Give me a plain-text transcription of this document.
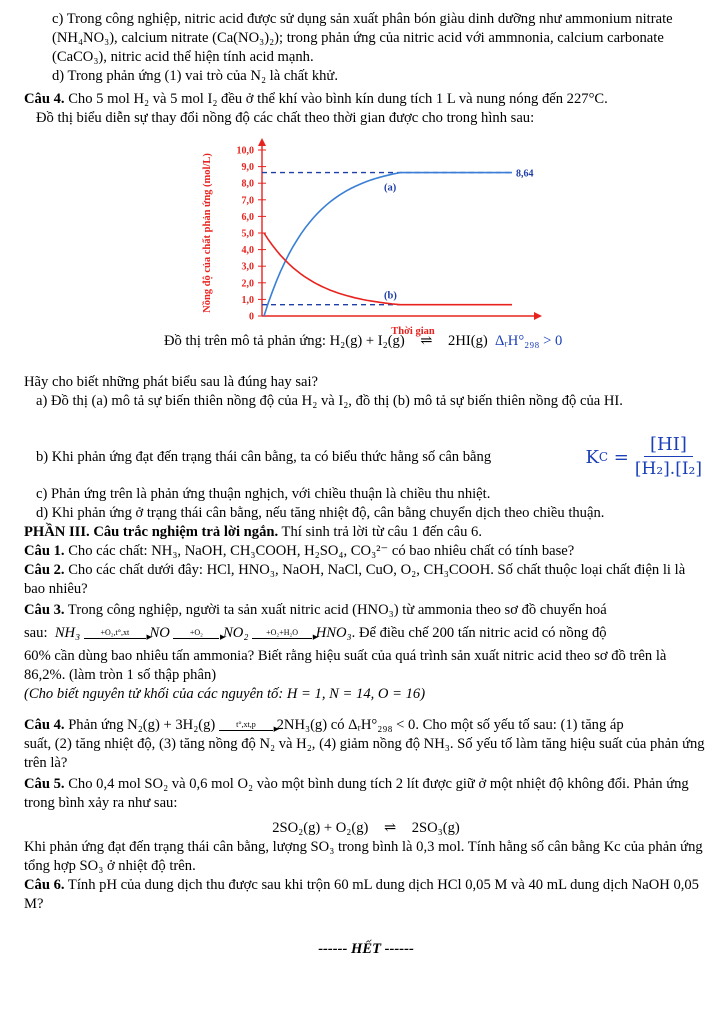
c) Trong công nghiệp, nitric acid được sử dụng sản xuất phân bón giàu dinh dưỡng như ammonium nitrate (NH₄NO₃), calcium nitrate (Ca(NO₃)₂); trong phản ứng của nitric acid với ammnonia, calcium carbonate (CaCO₃), nitric acid thể hiện tính acid mạnh.

d) Trong phản ứng (1) vai trò của N₂ là chất khử.

Câu 4. Cho 5 mol H₂ và 5 mol I₂ đều ở thể khí vào bình kín dung tích 1 L và nung nóng đến 227°C.

Đồ thị biểu diễn sự thay đổi nồng độ các chất theo thời gian được cho trong hình sau:

10,0
9,0
8,0
7,0
6,0
5,0
4,0
3,0
2,0
1,0
0
Nồng độ của chất phản ứng (mol/L)
Thời gian
8,64
(a)
(b)

Đồ thị trên mô tả phản ứng: H₂(g) + I₂(g) ⇌ 2HI(g) ΔᵣH°₂₉₈ > 0

Hãy cho biết những phát biểu sau là đúng hay sai?

a) Đồ thị (a) mô tả sự biến thiên nồng độ của H₂ và I₂, đồ thị (b) mô tả sự biến thiên nồng độ của HI.

b) Khi phản ứng đạt đến trạng thái cân bằng, ta có biểu thức hằng số cân bằng	K $C = \frac{[HI]}{\text{[H₂].[I₂]}}$

c) Phản ứng trên là phản ứng thuận nghịch, với chiều thuận là chiều thu nhiệt.

d) Khi phản ứng ở trạng thái cân bằng, nếu tăng nhiệt độ, cân bằng chuyển dịch theo chiều thuận.

PHẦN III. Câu trắc nghiệm trả lời ngắn. Thí sinh trả lời từ câu 1 đến câu 6.

Câu 1. Cho các chất: NH₃, NaOH, CH₃COOH, H₂SO₄, CO₃²⁻ có bao nhiêu chất có tính base?

Câu 2. Cho các chất dưới đây: HCl, HNO₃, NaOH, NaCl, CuO, O₂, CH₃COOH. Số chất thuộc loại chất điện li là bao nhiêu?

Câu 3. Trong công nghiệp, người ta sản xuất nitric acid (HNO₃) từ ammonia theo sơ đồ chuyển hoá

sau: NH₃	+O₂,t°,xt ▶ NO	+O₂ ▶ NO₂ +O₂+H₂O ▶ HNO₃. Để điều chế 200 tấn nitric acid có nồng độ

60% cần dùng bao nhiêu tấn ammonia? Biết rằng hiệu suất của quá trình sản xuất nitric acid theo sơ đồ trên là 86,2%. (làm tròn 1 số thập phân)

(Cho biết nguyên tử khối của các nguyên tố: H = 1, N = 14, O = 16)

Câu 4. Phản ứng N₂(g) + 3H₂(g)	t°,xt,p
▶
2NH₃(g) có ΔᵣH°₂₉₈ < 0. Cho một số yếu tố sau: (1) tăng áp

suất, (2) tăng nhiệt độ, (3) tăng nồng độ N₂ và H₂, (4) giảm nồng độ NH₃. Số yếu tố làm tăng hiệu suất của phản ứng trên là?

Câu 5. Cho 0,4 mol SO₂ và 0,6 mol O₂ vào một bình dung tích 2 lít được giữ ở một nhiệt độ không đổi. Phản ứng trong bình xảy ra như sau:

2SO₂(g) + O₂(g) ⇌ 2SO₃(g)

Khi phản ứng đạt đến trạng thái cân bằng, lượng SO₃ trong bình là 0,3 mol. Tính hằng số cân bằng Kc của phản ứng tổng hợp SO₃ ở nhiệt độ trên.

Câu 6. Tính pH của dung dịch thu được sau khi trộn 60 mL dung dịch HCl 0,05 M và 40 mL dung dịch NaOH 0,05 M?

------ HẾT ------
